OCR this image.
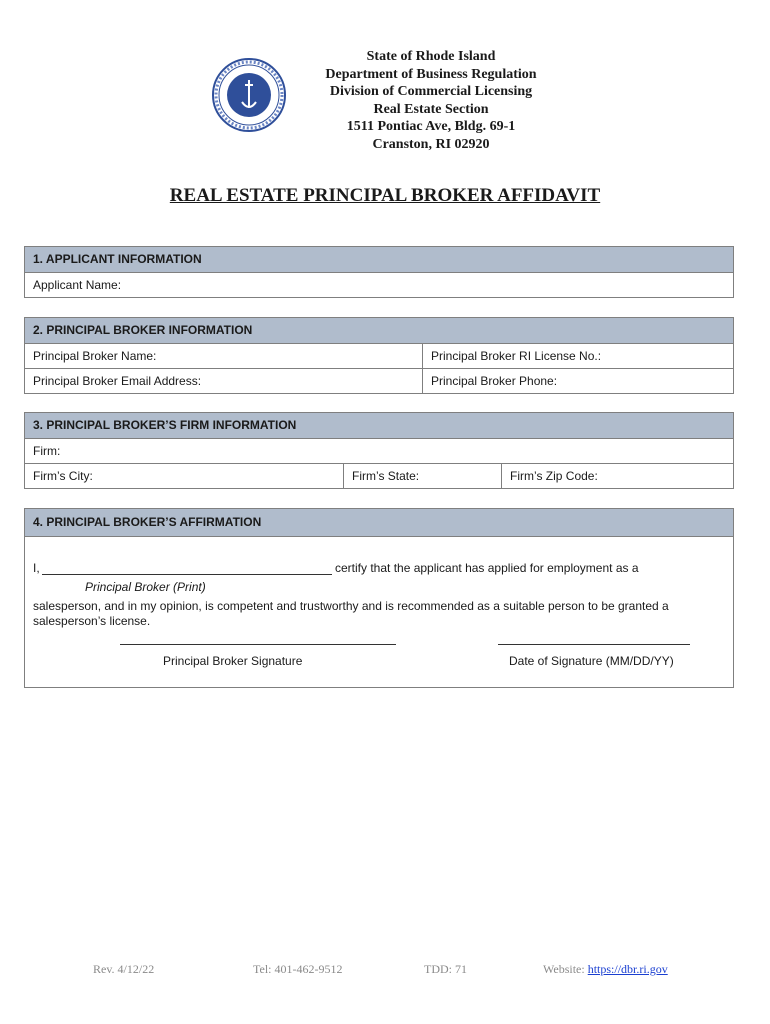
State of Rhode Island
Department of Business Regulation
Division of Commercial Licensing
Real Estate Section
1511 Pontiac Ave, Bldg. 69-1
Cranston, RI 02920
REAL ESTATE PRINCIPAL BROKER AFFIDAVIT
1. APPLICANT INFORMATION
Applicant Name:
2. PRINCIPAL BROKER INFORMATION
Principal Broker Name:	Principal Broker RI License No.:
Principal Broker Email Address:	Principal Broker Phone:
3. PRINCIPAL BROKER’S FIRM INFORMATION
Firm:
Firm’s City:	Firm’s State:	Firm’s Zip Code:
4. PRINCIPAL BROKER’S AFFIRMATION
I,	certify that the applicant has applied for employment as a
Principal Broker (Print)
salesperson, and in my opinion, is competent and trustworthy and is recommended as a suitable person to be granted a salesperson’s license.
Principal Broker Signature	Date of Signature (MM/DD/YY)
Rev. 4/12/22	Tel: 401-462-9512	TDD: 71	Website: https://dbr.ri.gov
